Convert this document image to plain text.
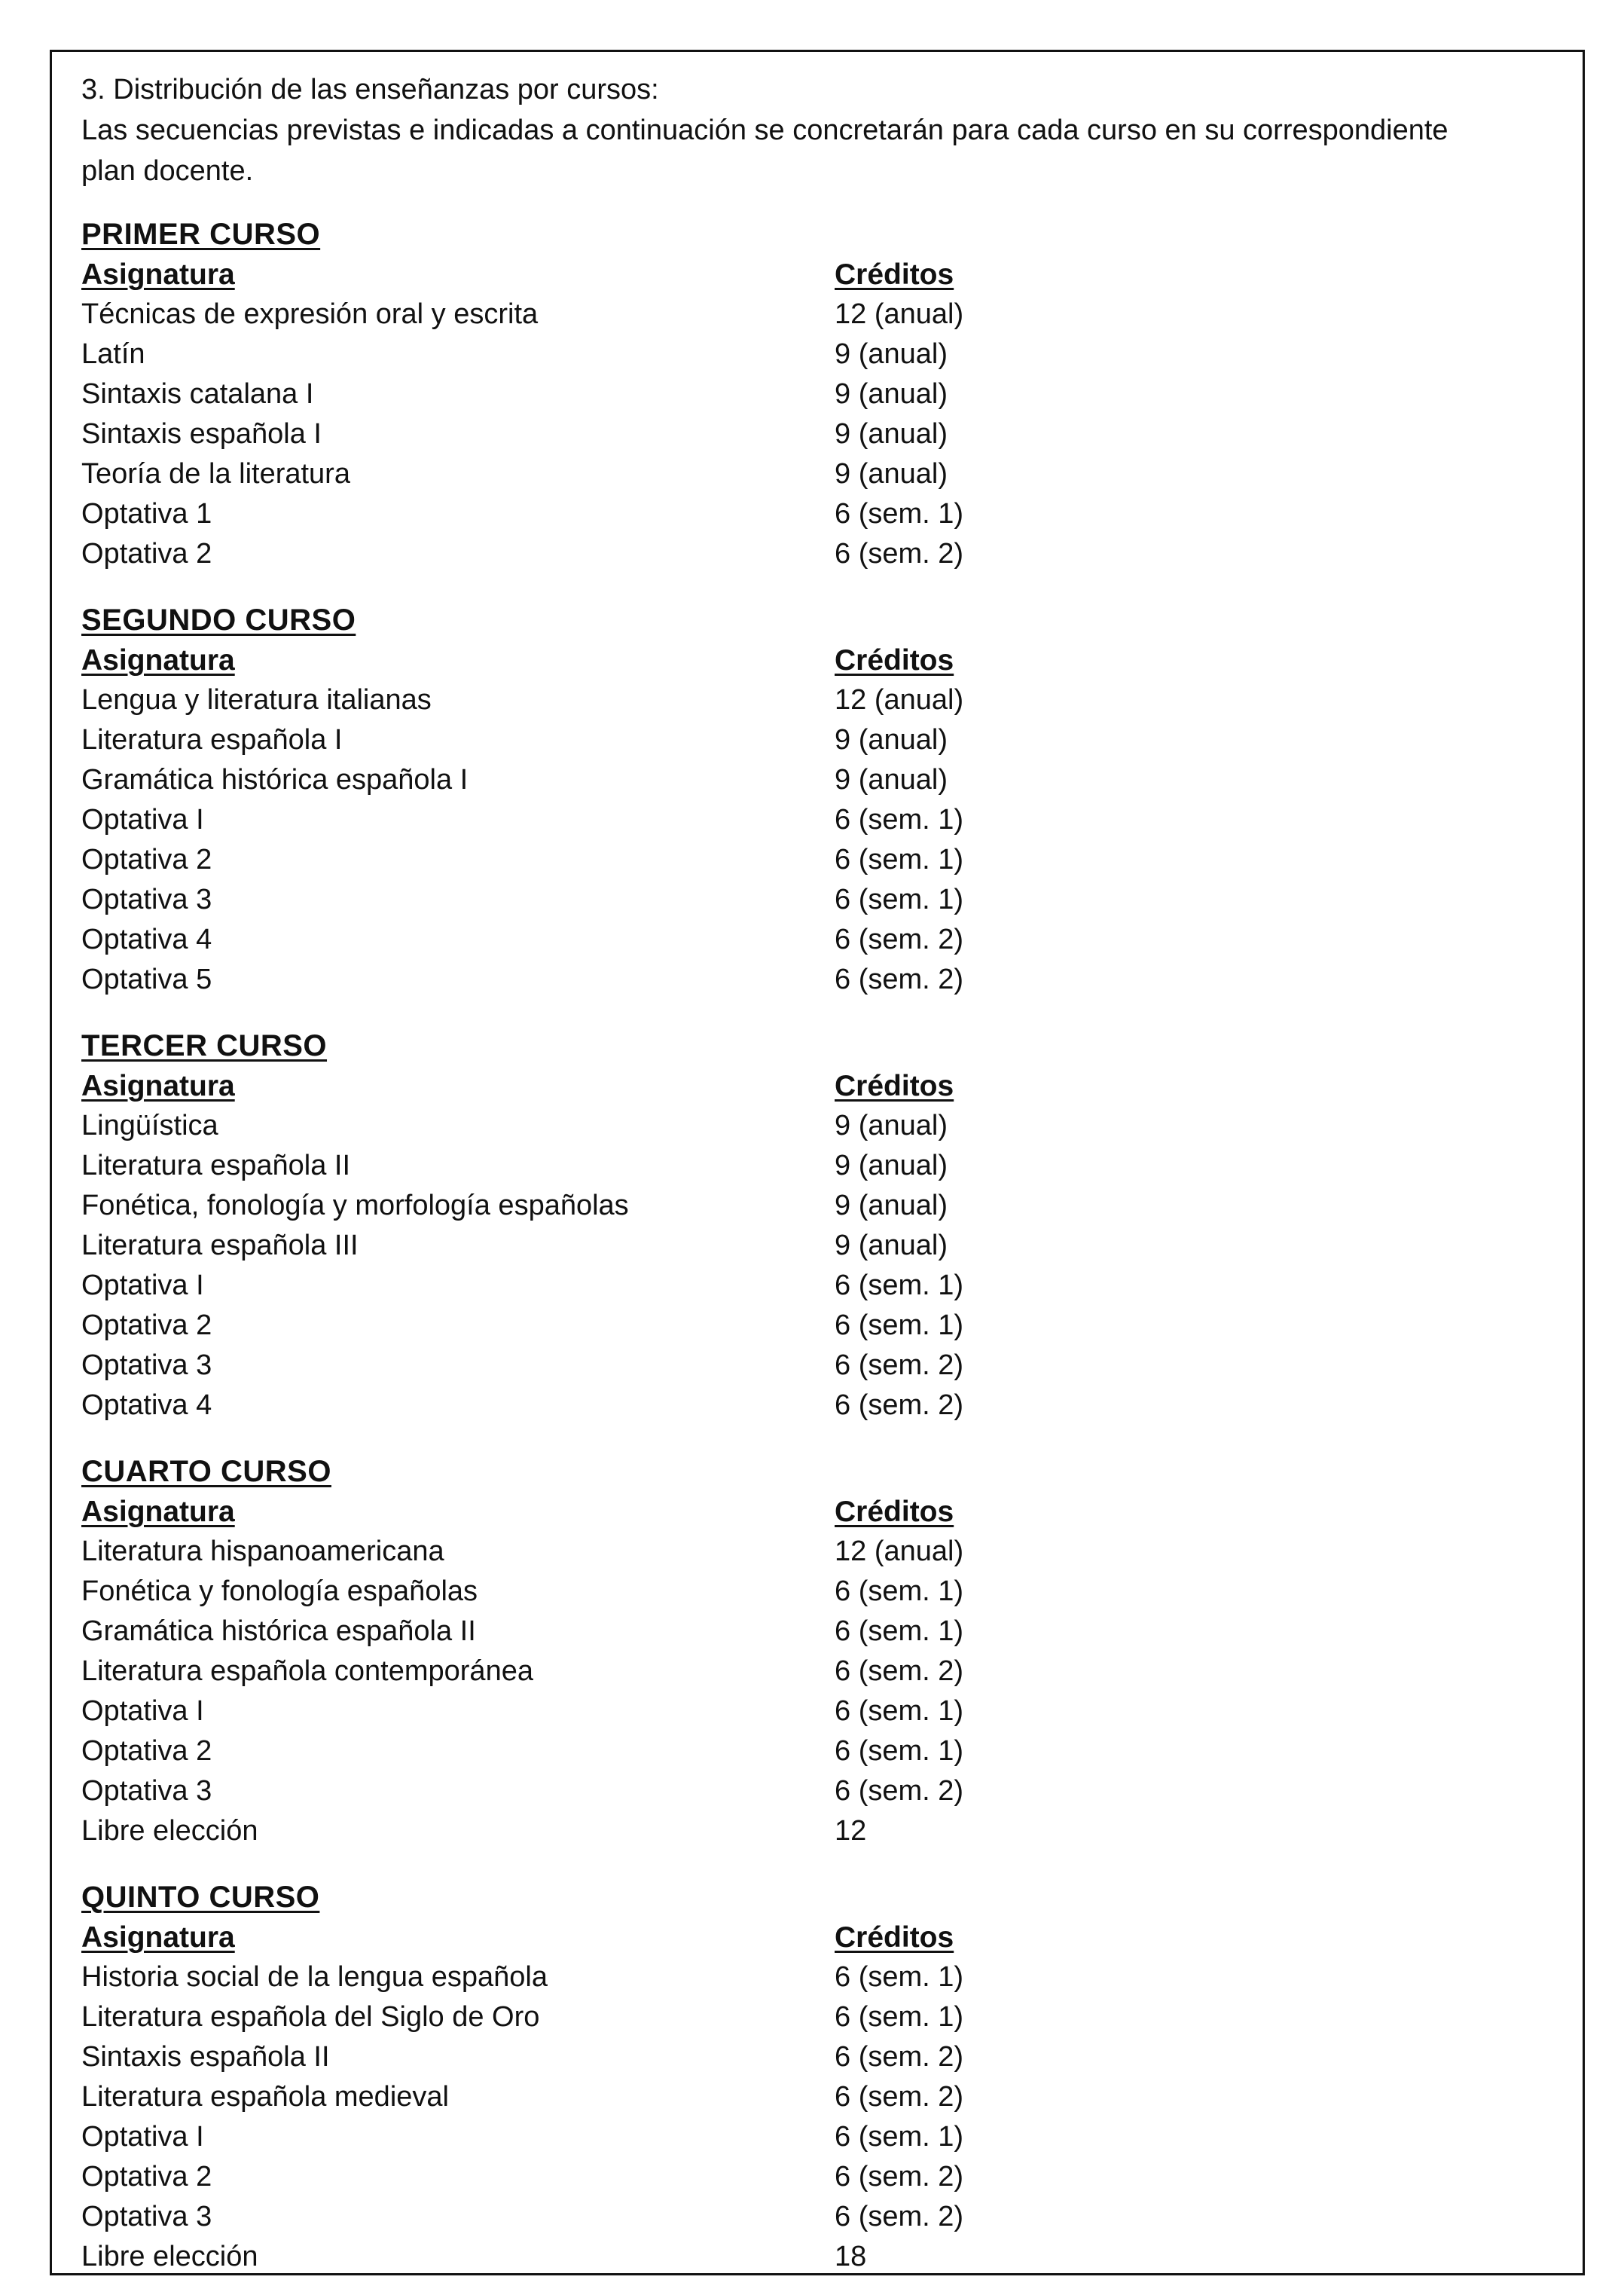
3. Distribución de las enseñanzas por cursos:
Las secuencias previstas e indicadas a continuación se concretarán para cada curso en su correspondiente
plan docente.
PRIMER CURSO
Asignatura	Créditos
Técnicas de expresión oral y escrita	12 (anual)
Latín	9 (anual)
Sintaxis catalana I	9 (anual)
Sintaxis española I	9 (anual)
Teoría de la literatura	9 (anual)
Optativa 1	6 (sem. 1)
Optativa 2	6 (sem. 2)
SEGUNDO CURSO
Asignatura	Créditos
Lengua y literatura italianas	12 (anual)
Literatura española I	9 (anual)
Gramática histórica española I	9 (anual)
Optativa I	6 (sem. 1)
Optativa 2	6 (sem. 1)
Optativa 3	6 (sem. 1)
Optativa 4	6 (sem. 2)
Optativa 5	6 (sem. 2)
TERCER CURSO
Asignatura	Créditos
Lingüística	9 (anual)
Literatura española II	9 (anual)
Fonética, fonología y morfología españolas	9 (anual)
Literatura española III	9 (anual)
Optativa I	6 (sem. 1)
Optativa 2	6 (sem. 1)
Optativa 3	6 (sem. 2)
Optativa 4	6 (sem. 2)
CUARTO CURSO
Asignatura	Créditos
Literatura hispanoamericana	12 (anual)
Fonética y fonología españolas	6 (sem. 1)
Gramática histórica española II	6 (sem. 1)
Literatura española contemporánea	6 (sem. 2)
Optativa I	6 (sem. 1)
Optativa 2	6 (sem. 1)
Optativa 3	6 (sem. 2)
Libre elección	12
QUINTO CURSO
Asignatura	Créditos
Historia social de la lengua española	6 (sem. 1)
Literatura española del Siglo de Oro	6 (sem. 1)
Sintaxis española II	6 (sem. 2)
Literatura española medieval	6 (sem. 2)
Optativa I	6 (sem. 1)
Optativa 2	6 (sem. 2)
Optativa 3	6 (sem. 2)
Libre elección	18
